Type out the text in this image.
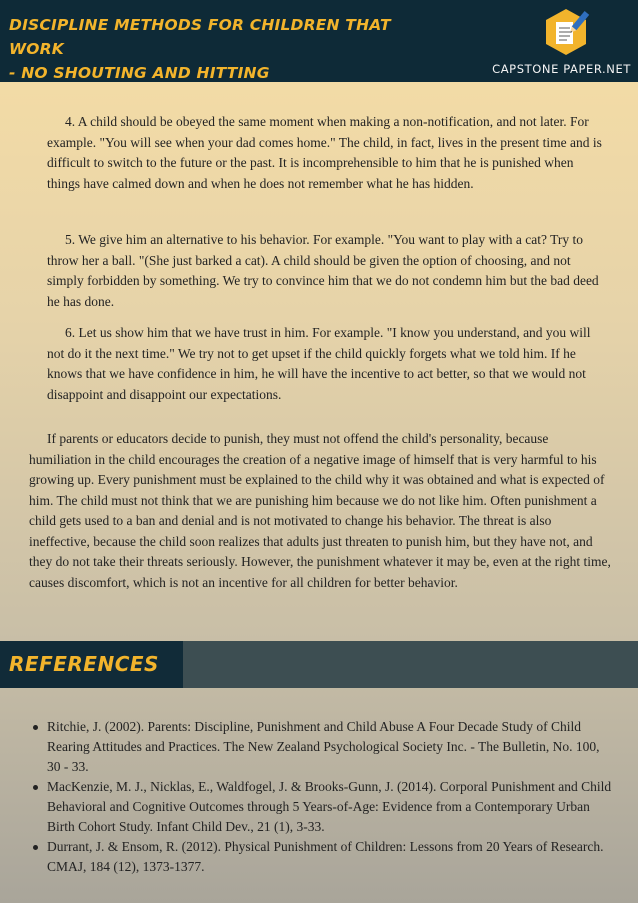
DISCIPLINE METHODS FOR CHILDREN THAT WORK
- NO SHOUTING AND HITTING	CAPSTONE PAPER.NET

4. A child should be obeyed the same moment when making a non-notification, and not later. For example. "You will see when your dad comes home." The child, in fact, lives in the present time and is difficult to switch to the future or the past. It is incomprehensible to him that he is punished when things have calmed down and when he does not remember what he has hidden.

5. We give him an alternative to his behavior. For example. "You want to play with a cat? Try to throw her a ball. "(She just barked a cat). A child should be given the option of choosing, and not simply forbidden by something. We try to convince him that we do not condemn him but the bad deed he has done.

6. Let us show him that we have trust in him. For example. "I know you understand, and you will not do it the next time." We try not to get upset if the child quickly forgets what we told him. If he knows that we have confidence in him, he will have the incentive to act better, so that we would not disappoint and disappoint our expectations.

If parents or educators decide to punish, they must not offend the child's personality, because humiliation in the child encourages the creation of a negative image of himself that is very harmful to his growing up. Every punishment must be explained to the child why it was obtained and what is expected of him. The child must not think that we are punishing him because we do not like him. Often punishment a child gets used to a ban and denial and is not motivated to change his behavior. The threat is also ineffective, because the child soon realizes that adults just threaten to punish him, but they have not, and they do not take their threats seriously. However, the punishment whatever it may be, even at the right time, causes discomfort, which is not an incentive for all children for better behavior.

REFERENCES
Ritchie, J. (2002). Parents: Discipline, Punishment and Child Abuse A Four Decade Study of Child Rearing Attitudes and Practices. The New Zealand Psychological Society Inc. - The Bulletin, No. 100, 30 - 33.
MacKenzie, M. J., Nicklas, E., Waldfogel, J. & Brooks-Gunn, J. (2014). Corporal Punishment and Child Behavioral and Cognitive Outcomes through 5 Years-of-Age: Evidence from a Contemporary Urban Birth Cohort Study. Infant Child Dev., 21 (1), 3-33.
Durrant, J. & Ensom, R. (2012). Physical Punishment of Children: Lessons from 20 Years of Research. CMAJ, 184 (12), 1373-1377.
